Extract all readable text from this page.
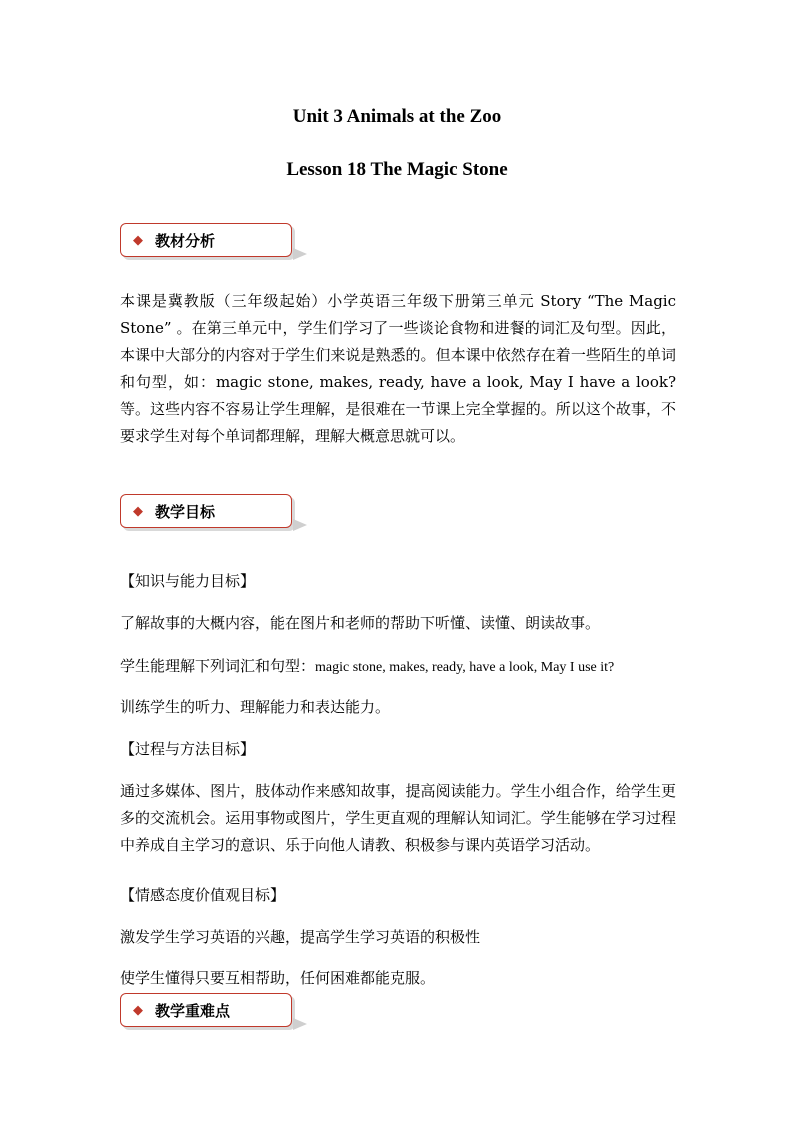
Unit 3 Animals at the Zoo
Lesson 18 The Magic Stone
◆ 教材分析

本课是冀教版（三年级起始）小学英语三年级下册第三单元 Story “The Magic Stone” 。在第三单元中，学生们学习了一些谈论食物和进餐的词汇及句型。因此，本课中大部分的内容对于学生们来说是熟悉的。但本课中依然存在着一些陌生的单词和句型，如：magic stone, makes, ready, have a look, May I have a look?等。这些内容不容易让学生理解，是很难在一节课上完全掌握的。所以这个故事，不要求学生对每个单词都理解，理解大概意思就可以。

◆ 教学目标

【知识与能力目标】

了解故事的大概内容，能在图片和老师的帮助下听懂、读懂、朗读故事。

学生能理解下列词汇和句型：magic stone, makes, ready, have a look, May I use it?

训练学生的听力、理解能力和表达能力。

【过程与方法目标】

通过多媒体、图片，肢体动作来感知故事，提高阅读能力。学生小组合作，给学生更多的交流机会。运用事物或图片，学生更直观的理解认知词汇。学生能够在学习过程中养成自主学习的意识、乐于向他人请教、积极参与课内英语学习活动。

【情感态度价值观目标】

激发学生学习英语的兴趣，提高学生学习英语的积极性

使学生懂得只要互相帮助，任何困难都能克服。

◆ 教学重难点
